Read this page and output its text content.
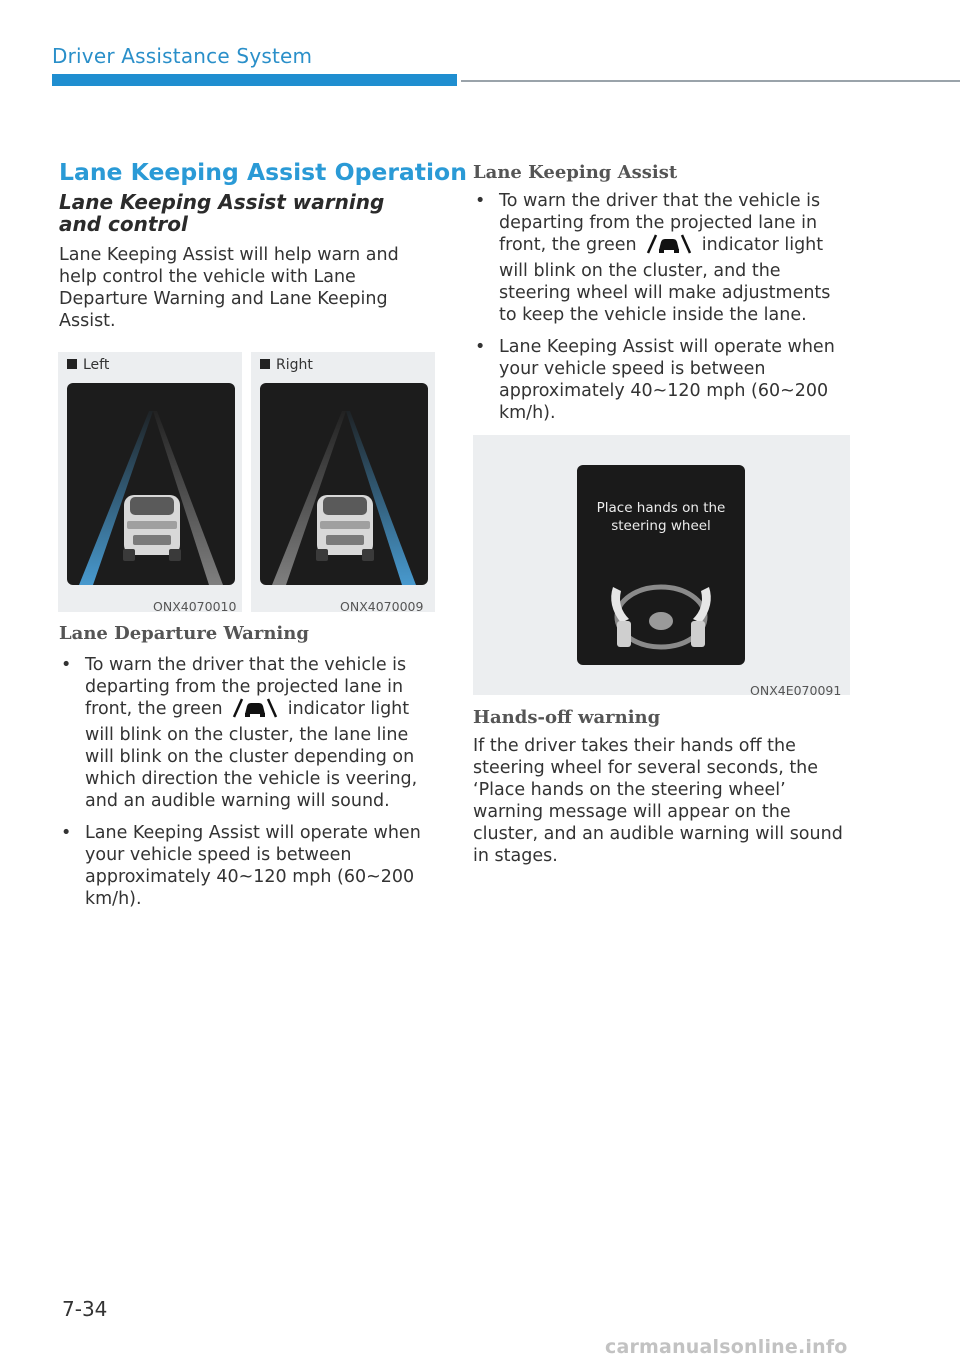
Driver Assistance System
Lane Keeping Assist Operation
Lane Keeping Assist warning and control
Lane Keeping Assist will help warn and help control the vehicle with Lane Departure Warning and Lane Keeping Assist.
Left
ONX4070010
Right
ONX4070009
Lane Departure Warning
• To warn the driver that the vehicle is departing from the projected lane in front, the green	indicator light will blink on the cluster, the lane line will blink on the cluster depending on which direction the vehicle is veering, and an audible warning will sound.
• Lane Keeping Assist will operate when your vehicle speed is between approximately 40~120 mph (60~200 km/h).
Lane Keeping Assist
• To warn the driver that the vehicle is departing from the projected lane in front, the green	indicator light will blink on the cluster, and the steering wheel will make adjustments to keep the vehicle inside the lane.
• Lane Keeping Assist will operate when your vehicle speed is between approximately 40~120 mph (60~200 km/h).
Place hands on the steering wheel
ONX4E070091
Hands-off warning
If the driver takes their hands off the steering wheel for several seconds, the ‘Place hands on the steering wheel’ warning message will appear on the cluster, and an audible warning will sound in stages.
7-34
carmanualsonline.info
